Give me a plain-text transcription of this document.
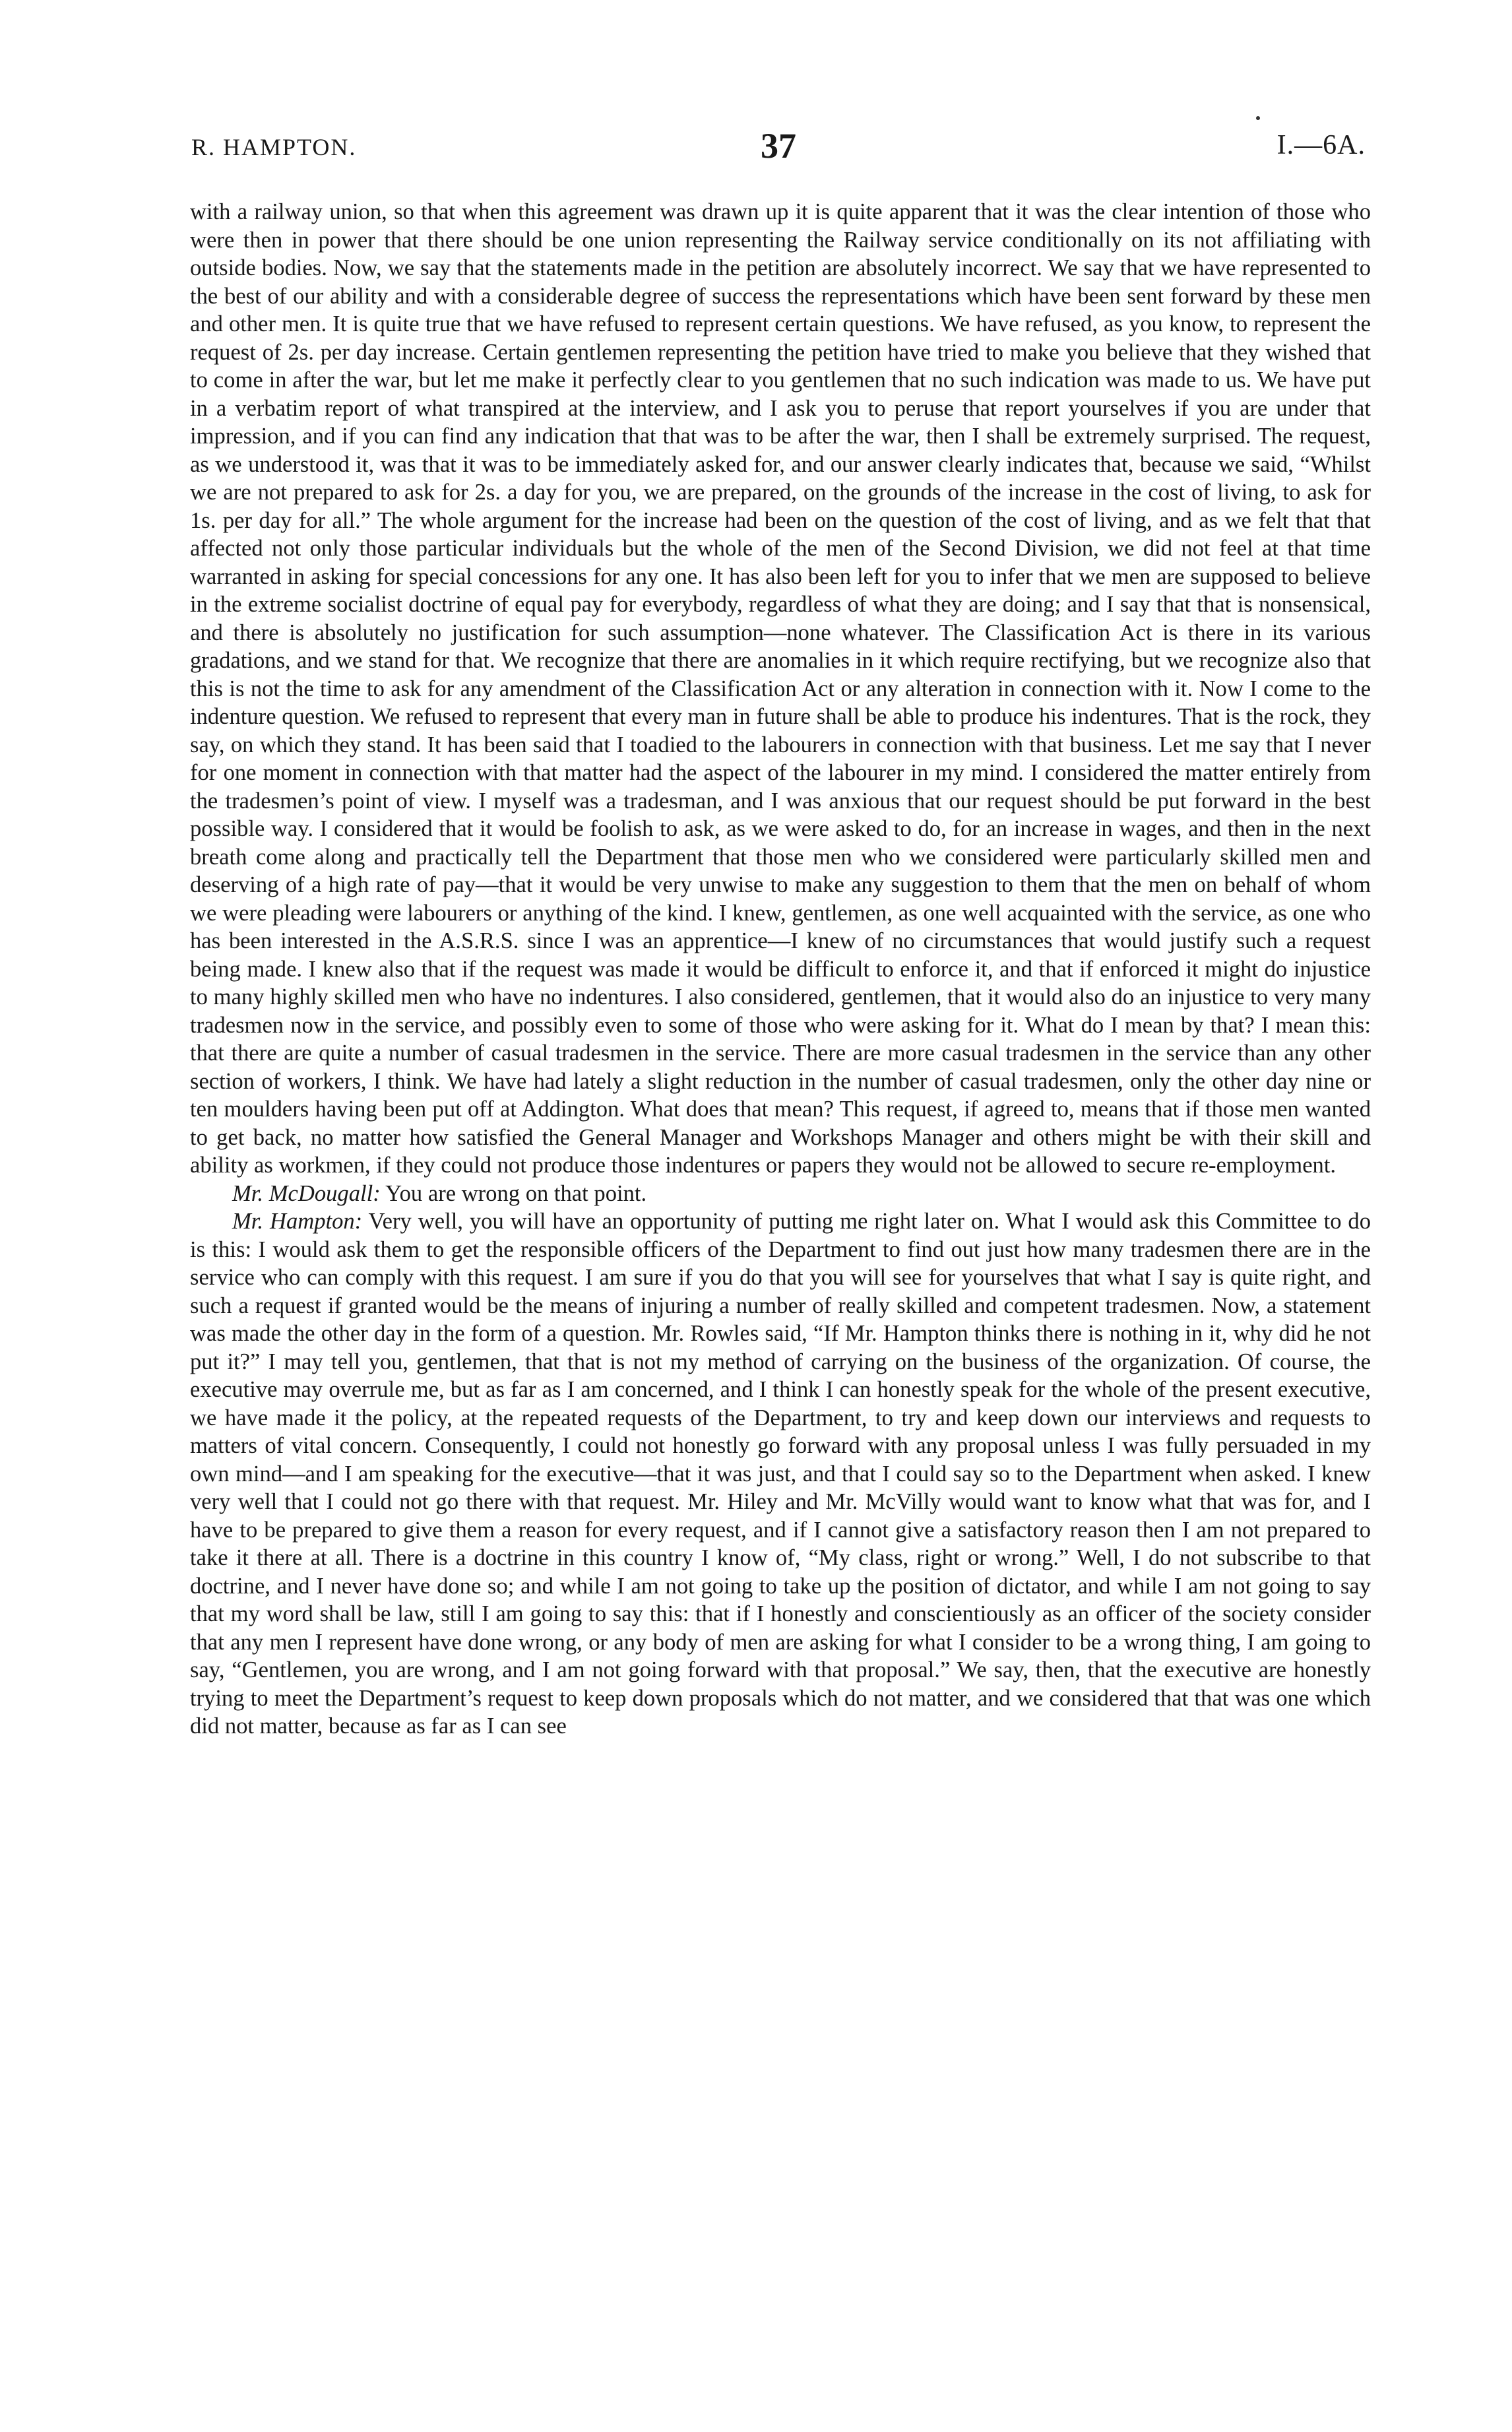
R. HAMPTON.	37	I.—6A.

with a railway union, so that when this agreement was drawn up it is quite apparent that it was the clear intention of those who were then in power that there should be one union representing the Railway service conditionally on its not affiliating with outside bodies. Now, we say that the statements made in the petition are absolutely incorrect. We say that we have represented to the best of our ability and with a considerable degree of success the representations which have been sent forward by these men and other men. It is quite true that we have refused to represent certain questions. We have refused, as you know, to represent the request of 2s. per day increase. Certain gentlemen representing the petition have tried to make you believe that they wished that to come in after the war, but let me make it perfectly clear to you gentlemen that no such indication was made to us. We have put in a verbatim report of what transpired at the interview, and I ask you to peruse that report yourselves if you are under that impression, and if you can find any indication that that was to be after the war, then I shall be extremely surprised. The request, as we understood it, was that it was to be immediately asked for, and our answer clearly indicates that, because we said, “Whilst we are not prepared to ask for 2s. a day for you, we are prepared, on the grounds of the increase in the cost of living, to ask for 1s. per day for all.” The whole argument for the increase had been on the question of the cost of living, and as we felt that that affected not only those particular individuals but the whole of the men of the Second Division, we did not feel at that time warranted in asking for special concessions for any one. It has also been left for you to infer that we men are supposed to believe in the extreme socialist doctrine of equal pay for everybody, regardless of what they are doing; and I say that that is nonsensical, and there is absolutely no justification for such assumption—none whatever. The Classification Act is there in its various gradations, and we stand for that. We recognize that there are anomalies in it which require rectifying, but we recognize also that this is not the time to ask for any amendment of the Classification Act or any alteration in connection with it. Now I come to the indenture question. We refused to represent that every man in future shall be able to produce his indentures. That is the rock, they say, on which they stand. It has been said that I toadied to the labourers in connection with that business. Let me say that I never for one moment in connection with that matter had the aspect of the labourer in my mind. I considered the matter entirely from the tradesmen’s point of view. I myself was a tradesman, and I was anxious that our request should be put forward in the best possible way. I considered that it would be foolish to ask, as we were asked to do, for an increase in wages, and then in the next breath come along and practically tell the Department that those men who we considered were particularly skilled men and deserving of a high rate of pay—that it would be very unwise to make any suggestion to them that the men on behalf of whom we were pleading were labourers or anything of the kind. I knew, gentlemen, as one well acquainted with the service, as one who has been interested in the A.S.R.S. since I was an apprentice—I knew of no circumstances that would justify such a request being made. I knew also that if the request was made it would be difficult to enforce it, and that if enforced it might do injustice to many highly skilled men who have no indentures. I also considered, gentlemen, that it would also do an injustice to very many tradesmen now in the service, and possibly even to some of those who were asking for it. What do I mean by that? I mean this: that there are quite a number of casual tradesmen in the service. There are more casual tradesmen in the service than any other section of workers, I think. We have had lately a slight reduction in the number of casual tradesmen, only the other day nine or ten moulders having been put off at Addington. What does that mean? This request, if agreed to, means that if those men wanted to get back, no matter how satisfied the General Manager and Workshops Manager and others might be with their skill and ability as workmen, if they could not produce those indentures or papers they would not be allowed to secure re-employment.

Mr. McDougall: You are wrong on that point.

Mr. Hampton: Very well, you will have an opportunity of putting me right later on. What I would ask this Committee to do is this: I would ask them to get the responsible officers of the Department to find out just how many tradesmen there are in the service who can comply with this request. I am sure if you do that you will see for yourselves that what I say is quite right, and such a request if granted would be the means of injuring a number of really skilled and competent tradesmen. Now, a statement was made the other day in the form of a question. Mr. Rowles said, “If Mr. Hampton thinks there is nothing in it, why did he not put it?” I may tell you, gentlemen, that that is not my method of carrying on the business of the organization. Of course, the executive may overrule me, but as far as I am concerned, and I think I can honestly speak for the whole of the present executive, we have made it the policy, at the repeated requests of the Department, to try and keep down our interviews and requests to matters of vital concern. Consequently, I could not honestly go forward with any proposal unless I was fully persuaded in my own mind—and I am speaking for the executive—that it was just, and that I could say so to the Department when asked. I knew very well that I could not go there with that request. Mr. Hiley and Mr. McVilly would want to know what that was for, and I have to be prepared to give them a reason for every request, and if I cannot give a satisfactory reason then I am not prepared to take it there at all. There is a doctrine in this country I know of, “My class, right or wrong.” Well, I do not subscribe to that doctrine, and I never have done so; and while I am not going to take up the position of dictator, and while I am not going to say that my word shall be law, still I am going to say this: that if I honestly and conscientiously as an officer of the society consider that any men I represent have done wrong, or any body of men are asking for what I consider to be a wrong thing, I am going to say, “Gentlemen, you are wrong, and I am not going forward with that proposal.” We say, then, that the executive are honestly trying to meet the Department’s request to keep down proposals which do not matter, and we considered that that was one which did not matter, because as far as I can see
